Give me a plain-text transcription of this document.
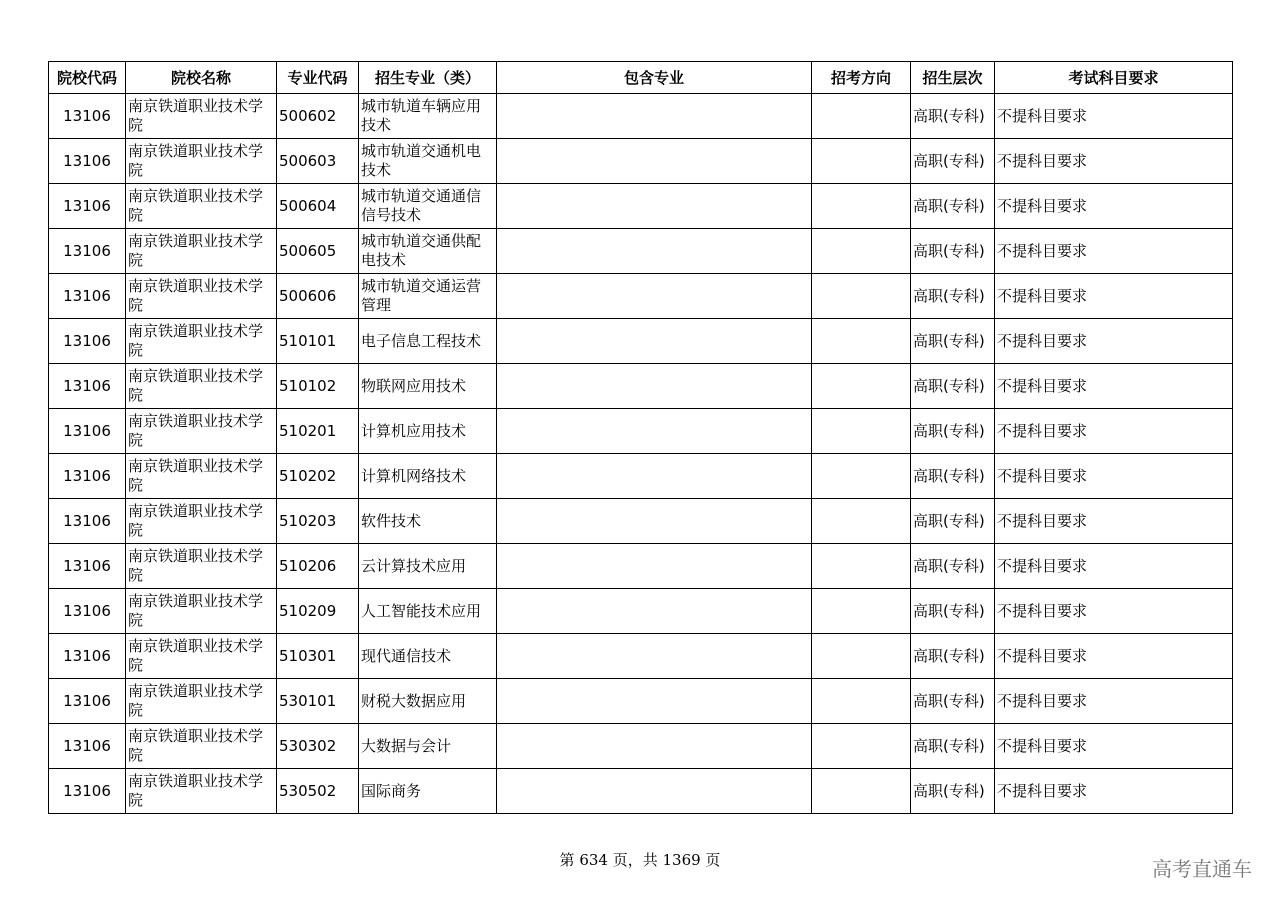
院校代码	院校名称	专业代码	招生专业（类）	包含专业	招考方向	招生层次	考试科目要求
13106	南京铁道职业技术学院	500602	城市轨道车辆应用技术			高职(专科)	不提科目要求
13106	南京铁道职业技术学院	500603	城市轨道交通机电技术			高职(专科)	不提科目要求
13106	南京铁道职业技术学院	500604	城市轨道交通通信信号技术			高职(专科)	不提科目要求
13106	南京铁道职业技术学院	500605	城市轨道交通供配电技术			高职(专科)	不提科目要求
13106	南京铁道职业技术学院	500606	城市轨道交通运营管理			高职(专科)	不提科目要求
13106	南京铁道职业技术学院	510101	电子信息工程技术			高职(专科)	不提科目要求
13106	南京铁道职业技术学院	510102	物联网应用技术			高职(专科)	不提科目要求
13106	南京铁道职业技术学院	510201	计算机应用技术			高职(专科)	不提科目要求
13106	南京铁道职业技术学院	510202	计算机网络技术			高职(专科)	不提科目要求
13106	南京铁道职业技术学院	510203	软件技术			高职(专科)	不提科目要求
13106	南京铁道职业技术学院	510206	云计算技术应用			高职(专科)	不提科目要求
13106	南京铁道职业技术学院	510209	人工智能技术应用			高职(专科)	不提科目要求
13106	南京铁道职业技术学院	510301	现代通信技术			高职(专科)	不提科目要求
13106	南京铁道职业技术学院	530101	财税大数据应用			高职(专科)	不提科目要求
13106	南京铁道职业技术学院	530302	大数据与会计			高职(专科)	不提科目要求
13106	南京铁道职业技术学院	530502	国际商务			高职(专科)	不提科目要求
第 634 页，共 1369 页	高考直通车
